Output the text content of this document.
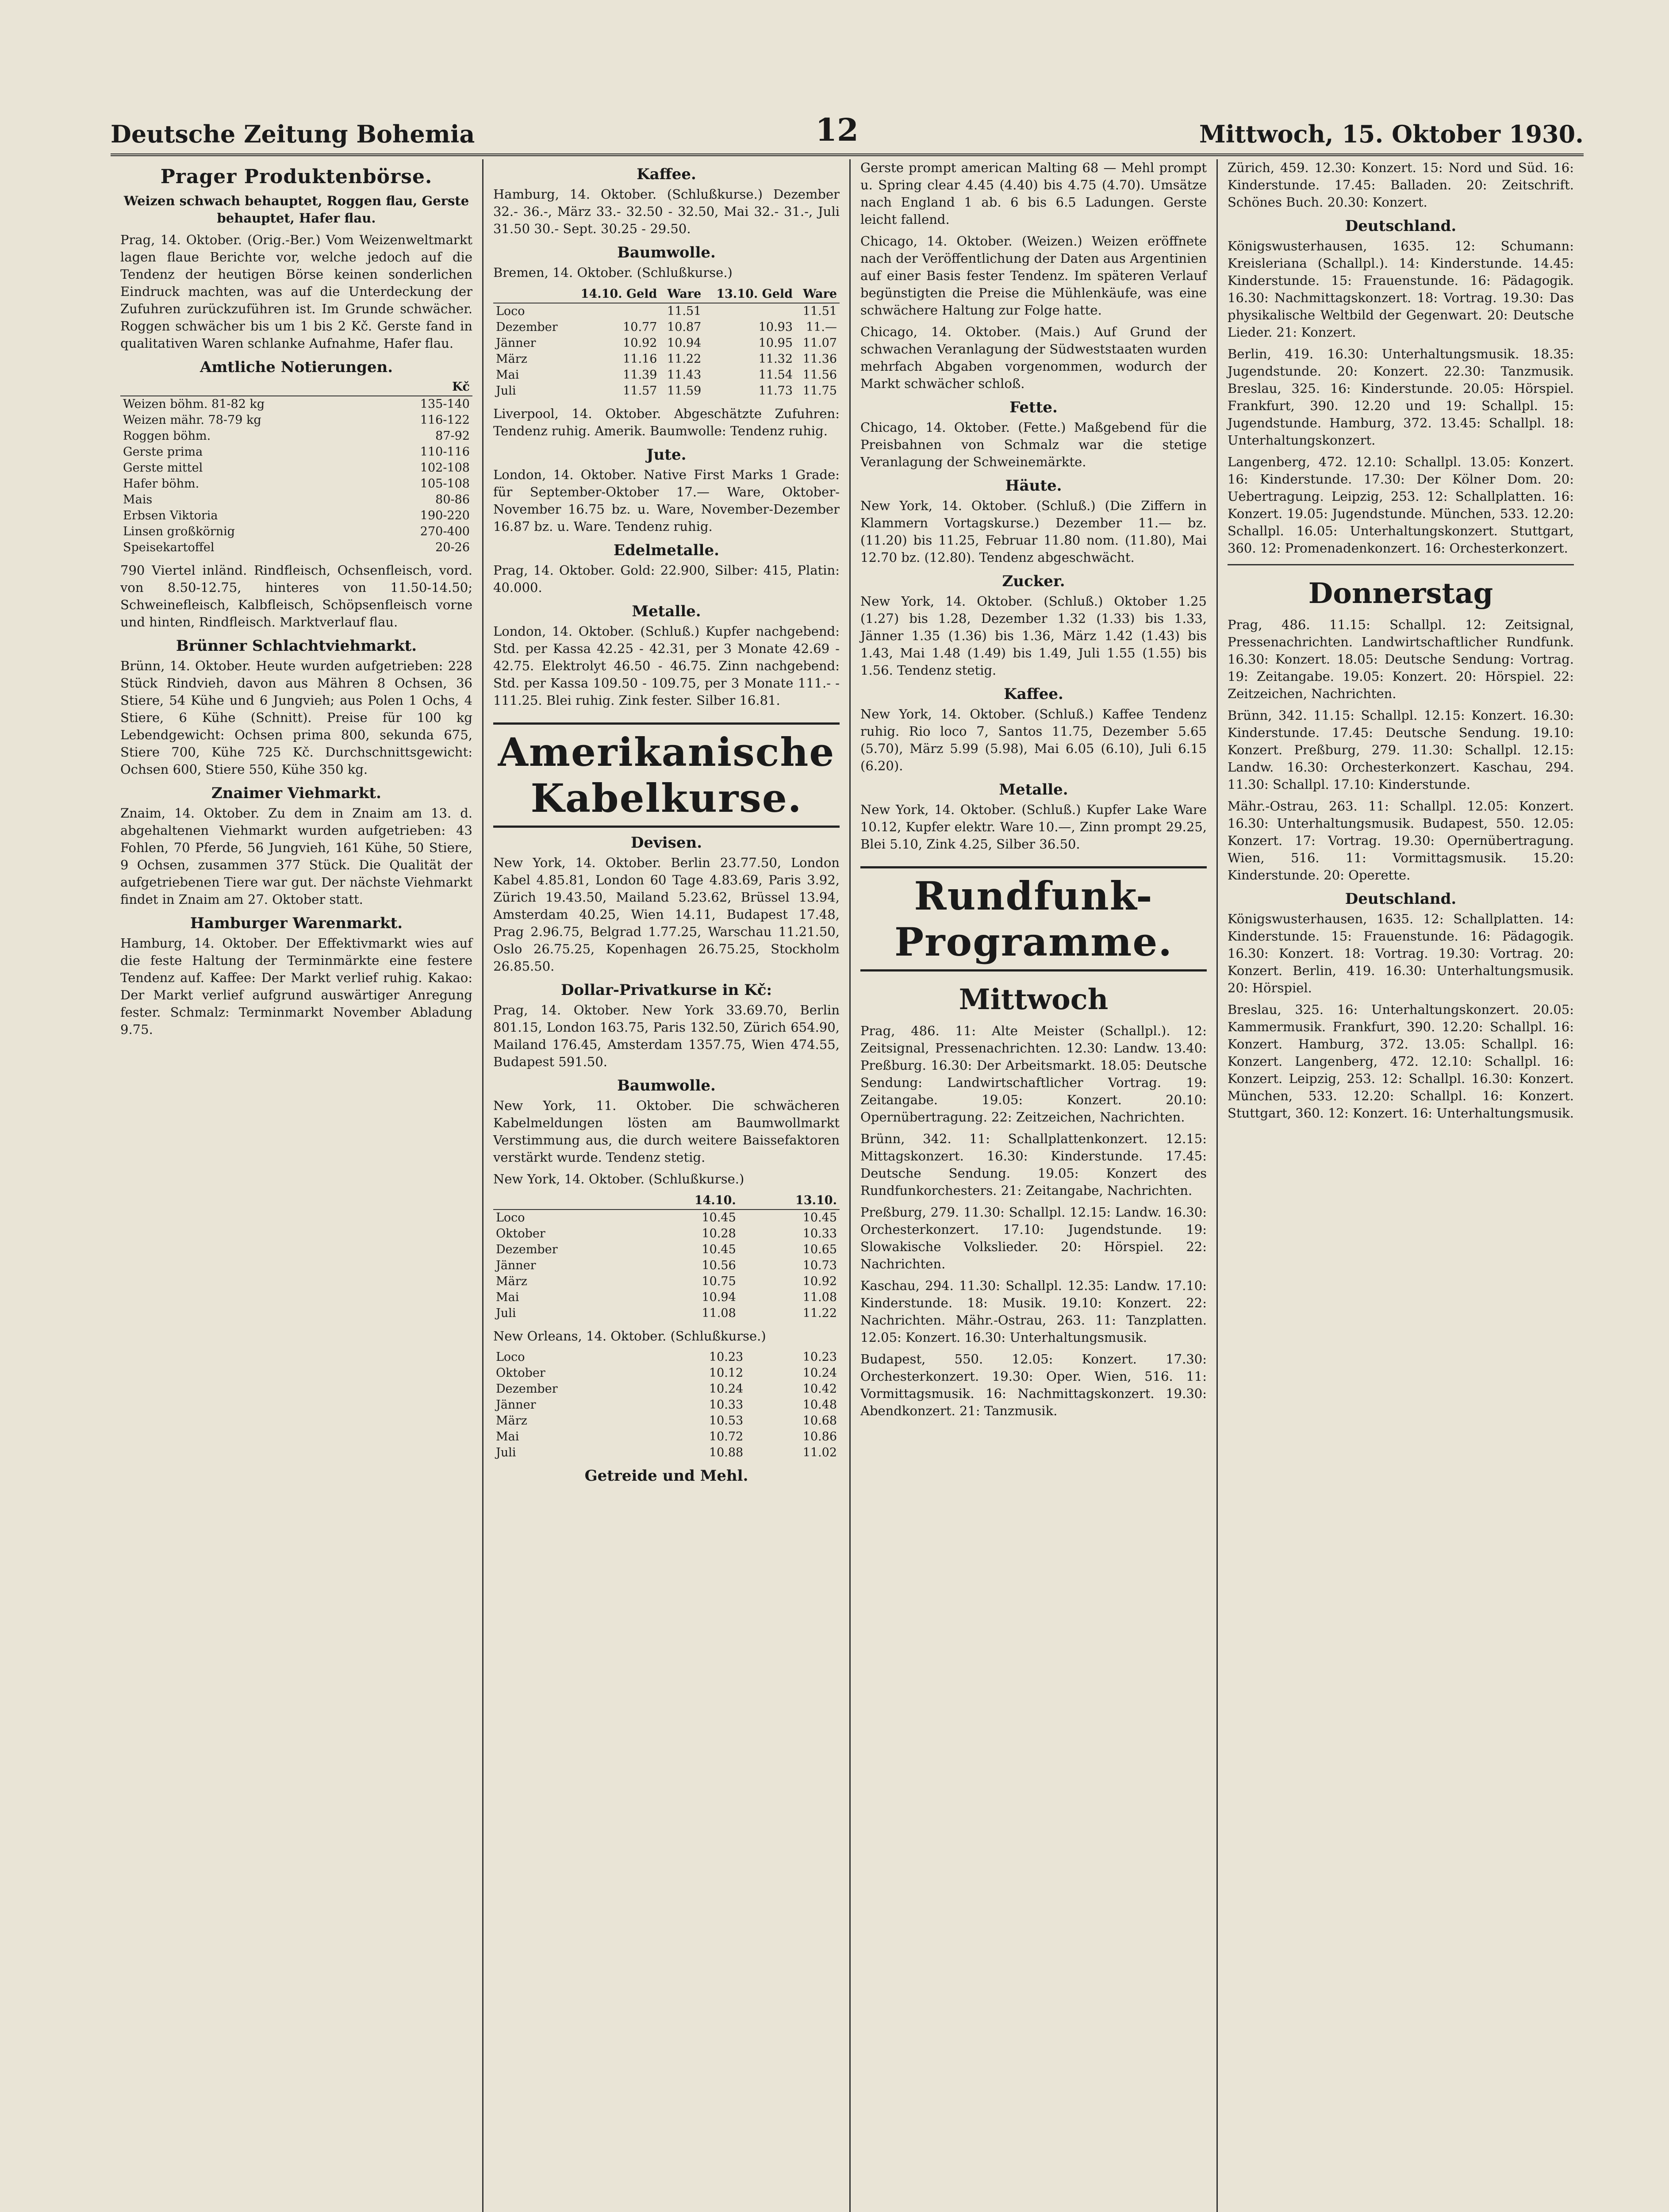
Deutsche Zeitung Bohemia	12	Mittwoch, 15. Oktober 1930.
Prager Produktenbörse.

Weizen schwach behauptet, Roggen flau, Gerste behauptet, Hafer flau.

Prag, 14. Oktober. (Orig.-Ber.) Vom Weizenweltmarkt lagen flaue Berichte vor, welche jedoch auf die Tendenz der heutigen Börse keinen sonderlichen Eindruck machten, was auf die Unterdeckung der Zufuhren zurückzuführen ist. Im Grunde schwächer. Roggen schwächer bis um 1 bis 2 Kč. Gerste fand in qualitativen Waren schlanke Aufnahme, Hafer flau.

Amtliche Notierungen.
	Kč
Weizen böhm. 81-82 kg	135-140
Weizen mähr. 78-79 kg	116-122
Roggen böhm.	87-92
Gerste prima	110-116
Gerste mittel	102-108
Hafer böhm.	105-108
Mais	80-86
Erbsen Viktoria	190-220
Linsen großkörnig	270-400
Speisekartoffel	20-26

790 Viertel inländ. Rindfleisch, Ochsenfleisch, vord. von 8.50-12.75, hinteres von 11.50-14.50; Schweinefleisch, Kalbfleisch, Schöpsenfleisch vorne und hinten, Rindfleisch. Marktverlauf flau.

Brünner Schlachtviehmarkt.

Brünn, 14. Oktober. Heute wurden aufgetrieben: 228 Stück Rindvieh, davon aus Mähren 8 Ochsen, 36 Stiere, 54 Kühe und 6 Jungvieh; aus Polen 1 Ochs, 4 Stiere, 6 Kühe (Schnitt). Preise für 100 kg Lebendgewicht: Ochsen prima 800, sekunda 675, Stiere 700, Kühe 725 Kč. Durchschnittsgewicht: Ochsen 600, Stiere 550, Kühe 350 kg.

Znaimer Viehmarkt.

Znaim, 14. Oktober. Zu dem in Znaim am 13. d. abgehaltenen Viehmarkt wurden aufgetrieben: 43 Fohlen, 70 Pferde, 56 Jungvieh, 161 Kühe, 50 Stiere, 9 Ochsen, zusammen 377 Stück. Die Qualität der aufgetriebenen Tiere war gut. Der nächste Viehmarkt findet in Znaim am 27. Oktober statt.

Hamburger Warenmarkt.

Hamburg, 14. Oktober. Der Effektivmarkt wies auf die feste Haltung der Terminmärkte eine festere Tendenz auf. Kaffee: Der Markt verlief ruhig. Kakao: Der Markt verlief aufgrund auswärtiger Anregung fester. Schmalz: Terminmarkt November Abladung 9.75.

Kaffee.

Hamburg, 14. Oktober. (Schlußkurse.) Dezember 32.- 36.-, März 33.- 32.50 - 32.50, Mai 32.- 31.-, Juli 31.50 30.- Sept. 30.25 - 29.50.

Baumwolle.

Bremen, 14. Oktober. (Schlußkurse.)

	14.10. Geld	Ware	13.10. Geld	Ware
Loco		11.51		11.51
Dezember	10.77	10.87	10.93	11.—
Jänner	10.92	10.94	10.95	11.07
März	11.16	11.22	11.32	11.36
Mai	11.39	11.43	11.54	11.56
Juli	11.57	11.59	11.73	11.75

Liverpool, 14. Oktober. Abgeschätzte Zufuhren: Tendenz ruhig. Amerik. Baumwolle: Tendenz ruhig.

Jute.

London, 14. Oktober. Native First Marks 1 Grade: für September-Oktober 17.— Ware, Oktober-November 16.75 bz. u. Ware, November-Dezember 16.87 bz. u. Ware. Tendenz ruhig.

Edelmetalle.

Prag, 14. Oktober. Gold: 22.900, Silber: 415, Platin: 40.000.

Metalle.

London, 14. Oktober. (Schluß.) Kupfer nachgebend: Std. per Kassa 42.25 - 42.31, per 3 Monate 42.69 - 42.75. Elektrolyt 46.50 - 46.75. Zinn nachgebend: Std. per Kassa 109.50 - 109.75, per 3 Monate 111.- - 111.25. Blei ruhig. Zink fester. Silber 16.81.

Amerikanische Kabelkurse.
Devisen.

New York, 14. Oktober. Berlin 23.77.50, London Kabel 4.85.81, London 60 Tage 4.83.69, Paris 3.92, Zürich 19.43.50, Mailand 5.23.62, Brüssel 13.94, Amsterdam 40.25, Wien 14.11, Budapest 17.48, Prag 2.96.75, Belgrad 1.77.25, Warschau 11.21.50, Oslo 26.75.25, Kopenhagen 26.75.25, Stockholm 26.85.50.

Dollar-Privatkurse in Kč:

Prag, 14. Oktober. New York 33.69.70, Berlin 801.15, London 163.75, Paris 132.50, Zürich 654.90, Mailand 176.45, Amsterdam 1357.75, Wien 474.55, Budapest 591.50.

Baumwolle.

New York, 11. Oktober. Die schwächeren Kabelmeldungen lösten am Baumwollmarkt Verstimmung aus, die durch weitere Baissefaktoren verstärkt wurde. Tendenz stetig.

New York, 14. Oktober. (Schlußkurse.)

	14.10.	13.10.
Loco	10.45	10.45
Oktober	10.28	10.33
Dezember	10.45	10.65
Jänner	10.56	10.73
März	10.75	10.92
Mai	10.94	11.08
Juli	11.08	11.22

New Orleans, 14. Oktober. (Schlußkurse.)

Loco	10.23	10.23
Oktober	10.12	10.24
Dezember	10.24	10.42
Jänner	10.33	10.48
März	10.53	10.68
Mai	10.72	10.86
Juli	10.88	11.02
Getreide und Mehl.

Gerste prompt american Malting 68 — Mehl prompt u. Spring clear 4.45 (4.40) bis 4.75 (4.70). Umsätze nach England 1 ab. 6 bis 6.5 Ladungen. Gerste leicht fallend.

Chicago, 14. Oktober. (Weizen.) Weizen eröffnete nach der Veröffentlichung der Daten aus Argentinien auf einer Basis fester Tendenz. Im späteren Verlauf begünstigten die Preise die Mühlenkäufe, was eine schwächere Haltung zur Folge hatte.

Chicago, 14. Oktober. (Mais.) Auf Grund der schwachen Veranlagung der Südweststaaten wurden mehrfach Abgaben vorgenommen, wodurch der Markt schwächer schloß.

Fette.

Chicago, 14. Oktober. (Fette.) Maßgebend für die Preisbahnen von Schmalz war die stetige Veranlagung der Schweinemärkte.

Häute.

New York, 14. Oktober. (Schluß.) (Die Ziffern in Klammern Vortagskurse.) Dezember 11.— bz. (11.20) bis 11.25, Februar 11.80 nom. (11.80), Mai 12.70 bz. (12.80). Tendenz abgeschwächt.

Zucker.

New York, 14. Oktober. (Schluß.) Oktober 1.25 (1.27) bis 1.28, Dezember 1.32 (1.33) bis 1.33, Jänner 1.35 (1.36) bis 1.36, März 1.42 (1.43) bis 1.43, Mai 1.48 (1.49) bis 1.49, Juli 1.55 (1.55) bis 1.56. Tendenz stetig.

Kaffee.

New York, 14. Oktober. (Schluß.) Kaffee Tendenz ruhig. Rio loco 7, Santos 11.75, Dezember 5.65 (5.70), März 5.99 (5.98), Mai 6.05 (6.10), Juli 6.15 (6.20).

Metalle.

New York, 14. Oktober. (Schluß.) Kupfer Lake Ware 10.12, Kupfer elektr. Ware 10.—, Zinn prompt 29.25, Blei 5.10, Zink 4.25, Silber 36.50.

Rundfunk-Programme.
Mittwoch

Prag, 486. 11: Alte Meister (Schallpl.). 12: Zeitsignal, Pressenachrichten. 12.30: Landw. 13.40: Preßburg. 16.30: Der Arbeitsmarkt. 18.05: Deutsche Sendung: Landwirtschaftlicher Vortrag. 19: Zeitangabe. 19.05: Konzert. 20.10: Opernübertragung. 22: Zeitzeichen, Nachrichten.

Brünn, 342. 11: Schallplattenkonzert. 12.15: Mittagskonzert. 16.30: Kinderstunde. 17.45: Deutsche Sendung. 19.05: Konzert des Rundfunkorchesters. 21: Zeitangabe, Nachrichten.

Preßburg, 279. 11.30: Schallpl. 12.15: Landw. 16.30: Orchesterkonzert. 17.10: Jugendstunde. 19: Slowakische Volkslieder. 20: Hörspiel. 22: Nachrichten.

Kaschau, 294. 11.30: Schallpl. 12.35: Landw. 17.10: Kinderstunde. 18: Musik. 19.10: Konzert. 22: Nachrichten. Mähr.-Ostrau, 263. 11: Tanzplatten. 12.05: Konzert. 16.30: Unterhaltungsmusik.

Budapest, 550. 12.05: Konzert. 17.30: Orchesterkonzert. 19.30: Oper. Wien, 516. 11: Vormittagsmusik. 16: Nachmittagskonzert. 19.30: Abendkonzert. 21: Tanzmusik.

Zürich, 459. 12.30: Konzert. 15: Nord und Süd. 16: Kinderstunde. 17.45: Balladen. 20: Zeitschrift. Schönes Buch. 20.30: Konzert.

Deutschland.

Königswusterhausen, 1635. 12: Schumann: Kreisleriana (Schallpl.). 14: Kinderstunde. 14.45: Kinderstunde. 15: Frauenstunde. 16: Pädagogik. 16.30: Nachmittagskonzert. 18: Vortrag. 19.30: Das physikalische Weltbild der Gegenwart. 20: Deutsche Lieder. 21: Konzert.

Berlin, 419. 16.30: Unterhaltungsmusik. 18.35: Jugendstunde. 20: Konzert. 22.30: Tanzmusik. Breslau, 325. 16: Kinderstunde. 20.05: Hörspiel. Frankfurt, 390. 12.20 und 19: Schallpl. 15: Jugendstunde. Hamburg, 372. 13.45: Schallpl. 18: Unterhaltungskonzert.

Langenberg, 472. 12.10: Schallpl. 13.05: Konzert. 16: Kinderstunde. 17.30: Der Kölner Dom. 20: Uebertragung. Leipzig, 253. 12: Schallplatten. 16: Konzert. 19.05: Jugendstunde. München, 533. 12.20: Schallpl. 16.05: Unterhaltungskonzert. Stuttgart, 360. 12: Promenadenkonzert. 16: Orchesterkonzert.

Donnerstag

Prag, 486. 11.15: Schallpl. 12: Zeitsignal, Pressenachrichten. Landwirtschaftlicher Rundfunk. 16.30: Konzert. 18.05: Deutsche Sendung: Vortrag. 19: Zeitangabe. 19.05: Konzert. 20: Hörspiel. 22: Zeitzeichen, Nachrichten.

Brünn, 342. 11.15: Schallpl. 12.15: Konzert. 16.30: Kinderstunde. 17.45: Deutsche Sendung. 19.10: Konzert. Preßburg, 279. 11.30: Schallpl. 12.15: Landw. 16.30: Orchesterkonzert. Kaschau, 294. 11.30: Schallpl. 17.10: Kinderstunde.

Mähr.-Ostrau, 263. 11: Schallpl. 12.05: Konzert. 16.30: Unterhaltungsmusik. Budapest, 550. 12.05: Konzert. 17: Vortrag. 19.30: Opernübertragung. Wien, 516. 11: Vormittagsmusik. 15.20: Kinderstunde. 20: Operette.

Deutschland.

Königswusterhausen, 1635. 12: Schallplatten. 14: Kinderstunde. 15: Frauenstunde. 16: Pädagogik. 16.30: Konzert. 18: Vortrag. 19.30: Vortrag. 20: Konzert. Berlin, 419. 16.30: Unterhaltungsmusik. 20: Hörspiel.

Breslau, 325. 16: Unterhaltungskonzert. 20.05: Kammermusik. Frankfurt, 390. 12.20: Schallpl. 16: Konzert. Hamburg, 372. 13.05: Schallpl. 16: Konzert. Langenberg, 472. 12.10: Schallpl. 16: Konzert. Leipzig, 253. 12: Schallpl. 16.30: Konzert. München, 533. 12.20: Schallpl. 16: Konzert. Stuttgart, 360. 12: Konzert. 16: Unterhaltungsmusik.
